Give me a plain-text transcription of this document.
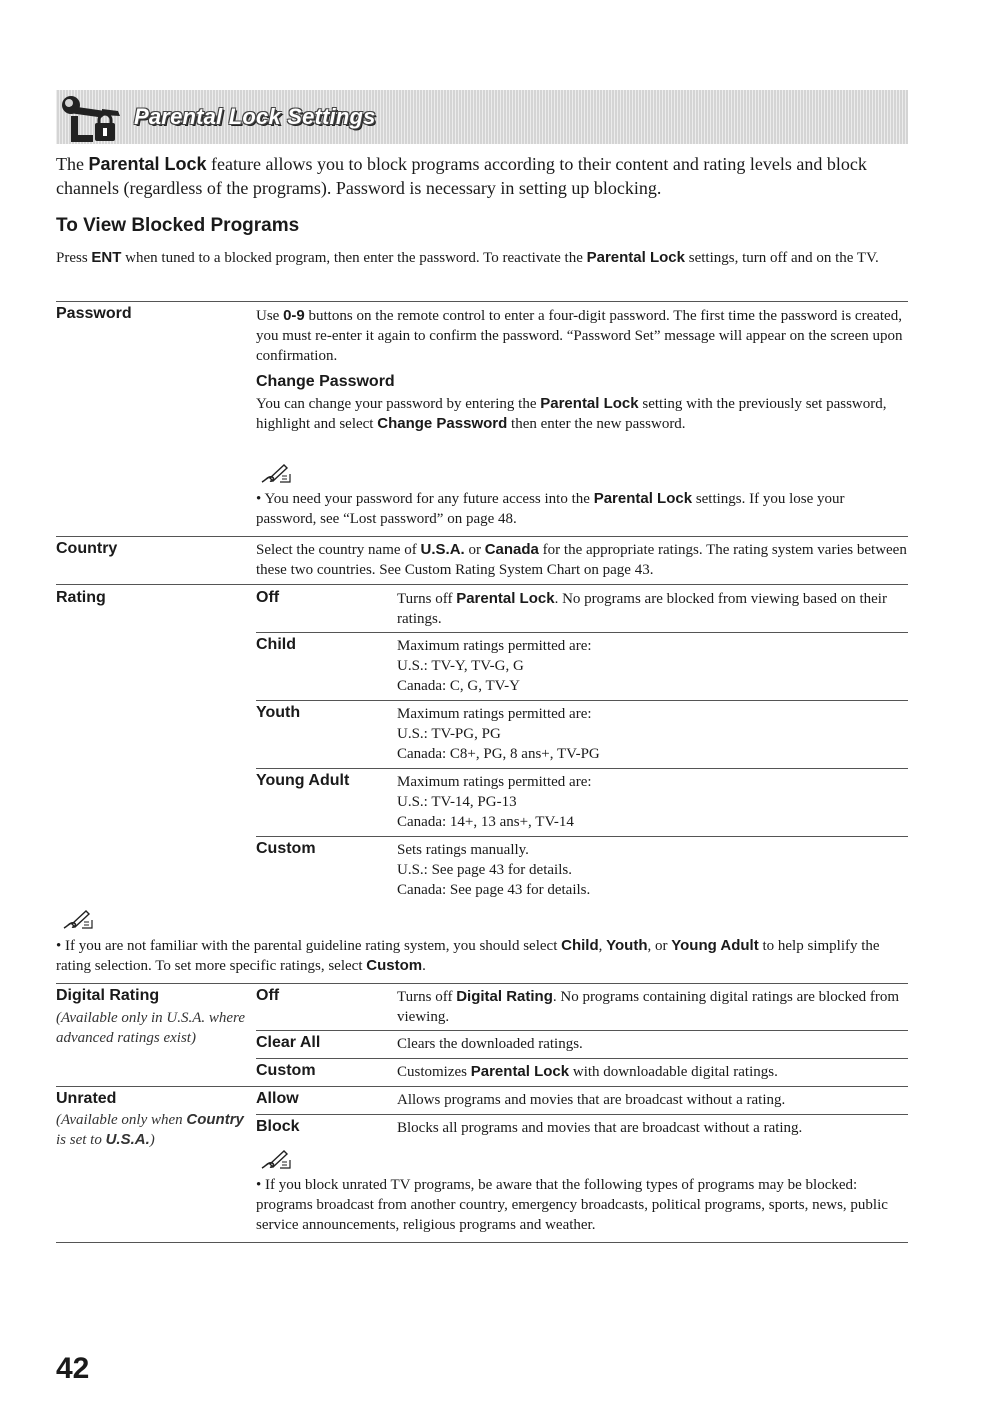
Parental Lock Settings
The Parental Lock feature allows you to block programs according to their content and rating levels and block channels (regardless of the programs). Password is necessary in setting up blocking.
To View Blocked Programs
Press ENT when tuned to a blocked program, then enter the password. To reactivate the Parental Lock settings, turn off and on the TV.
Password	Use 0-9 buttons on the remote control to enter a four-digit password. The first time the password is created, you must re-enter it again to confirm the password. “Password Set” message will appear on the screen upon confirmation.
Change Password
You can change your password by entering the Parental Lock setting with the previously set password, highlight and select Change Password then enter the new password.
• You need your password for any future access into the Parental Lock settings. If you lose your password, see “Lost password” on page 48.
Country	Select the country name of U.S.A. or Canada for the appropriate ratings. The rating system varies between these two countries. See Custom Rating System Chart on page 43.
Rating	Off	Turns off Parental Lock. No programs are blocked from viewing based on their ratings.
Child	Maximum ratings permitted are:
U.S.: TV-Y, TV-G, G
Canada: C, G, TV-Y
Youth	Maximum ratings permitted are:
U.S.: TV-PG, PG
Canada: C8+, PG, 8 ans+, TV-PG
Young Adult	Maximum ratings permitted are:
U.S.: TV-14, PG-13
Canada: 14+, 13 ans+, TV-14
Custom	Sets ratings manually.
U.S.: See page 43 for details.
Canada: See page 43 for details.
• If you are not familiar with the parental guideline rating system, you should select Child, Youth, or Young Adult to help simplify the rating selection. To set more specific ratings, select Custom.
Digital Rating
(Available only in U.S.A. where advanced ratings exist)
Off	Turns off Digital Rating. No programs containing digital ratings are blocked from viewing.
Clear All	Clears the downloaded ratings.
Custom	Customizes Parental Lock with downloadable digital ratings.
Unrated
(Available only when Country is set to U.S.A.)
Allow	Allows programs and movies that are broadcast without a rating.
Block	Blocks all programs and movies that are broadcast without a rating.
• If you block unrated TV programs, be aware that the following types of programs may be blocked: programs broadcast from another country, emergency broadcasts, political programs, sports, news, public service announcements, religious programs and weather.
42
